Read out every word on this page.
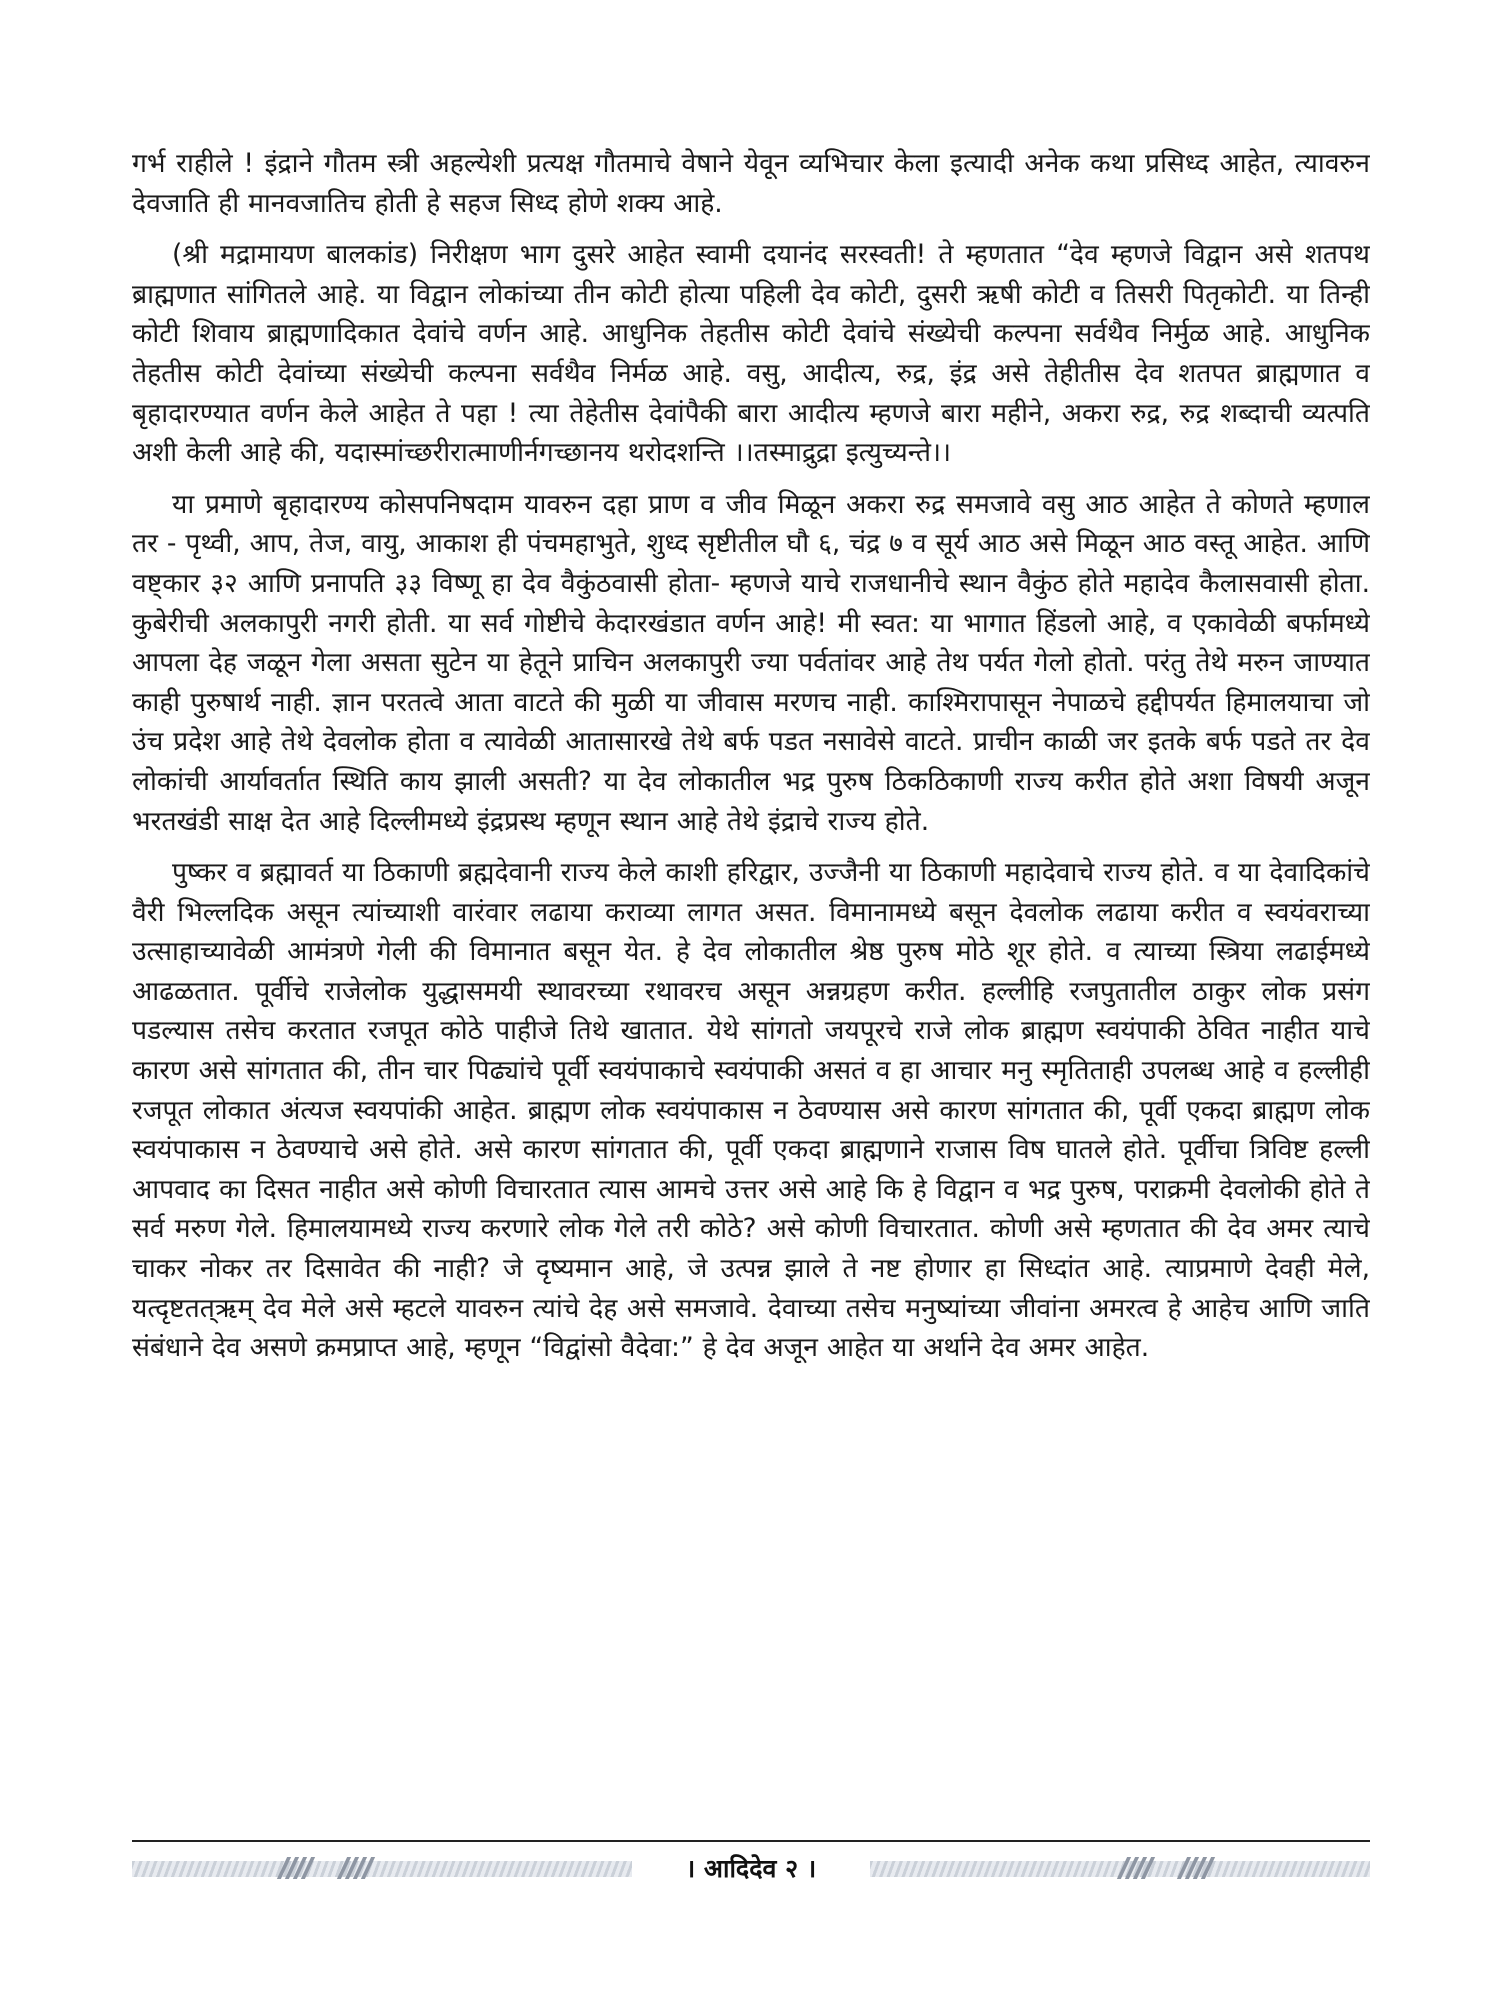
गर्भ राहीले ! इंद्राने गौतम स्त्री अहल्येशी प्रत्यक्ष गौतमाचे वेषाने येवून व्यभिचार केला इत्यादी अनेक कथा प्रसिध्द आहेत, त्यावरुन देवजाति ही मानवजातिच होती हे सहज सिध्द होणे शक्य आहे.

(श्री मद्रामायण बालकांड) निरीक्षण भाग दुसरे आहेत स्वामी दयानंद सरस्वती! ते म्हणतात “देव म्हणजे विद्वान असे शतपथ ब्राह्मणात सांगितले आहे. या विद्वान लोकांच्या तीन कोटी होत्या पहिली देव कोटी, दुसरी ऋषी कोटी व तिसरी पितृकोटी. या तिन्ही कोटी शिवाय ब्राह्मणादिकात देवांचे वर्णन आहे. आधुनिक तेहतीस कोटी देवांचे संख्येची कल्पना सर्वथैव निर्मुळ आहे. आधुनिक तेहतीस कोटी देवांच्या संख्येची कल्पना सर्वथैव निर्मळ आहे. वसु, आदीत्य, रुद्र, इंद्र असे तेहीतीस देव शतपत ब्राह्मणात व बृहादारण्यात वर्णन केले आहेत ते पहा ! त्या तेहेतीस देवांपैकी बारा आदीत्य म्हणजे बारा महीने, अकरा रुद्र, रुद्र शब्दाची व्यत्पति अशी केली आहे की, यदास्मांच्छरीरात्माणीर्नगच्छानय थरोदशन्ति ।।तस्माद्रुद्रा इत्युच्यन्ते।।

या प्रमाणे बृहादारण्य कोसपनिषदाम यावरुन दहा प्राण व जीव मिळून अकरा रुद्र समजावे वसु आठ आहेत ते कोणते म्हणाल तर - पृथ्वी, आप, तेज, वायु, आकाश ही पंचमहाभुते, शुध्द सृष्टीतील घौ ६, चंद्र ७ व सूर्य आठ असे मिळून आठ वस्तू आहेत. आणि वष्ट्कार ३२ आणि प्रनापति ३३ विष्णू हा देव वैकुंठवासी होता- म्हणजे याचे राजधानीचे स्थान वैकुंठ होते महादेव कैलासवासी होता. कुबेरीची अलकापुरी नगरी होती. या सर्व गोष्टीचे केदारखंडात वर्णन आहे! मी स्वत: या भागात हिंडलो आहे, व एकावेळी बर्फामध्ये आपला देह जळून गेला असता सुटेन या हेतूने प्राचिन अलकापुरी ज्या पर्वतांवर आहे तेथ पर्यत गेलो होतो. परंतु तेथे मरुन जाण्यात काही पुरुषार्थ नाही. ज्ञान परतत्वे आता वाटते की मुळी या जीवास मरणच नाही. काश्मिरापासून नेपाळचे हद्दीपर्यत हिमालयाचा जो उंच प्रदेश आहे तेथे देवलोक होता व त्यावेळी आतासारखे तेथे बर्फ पडत नसावेसे वाटते. प्राचीन काळी जर इतके बर्फ पडते तर देव लोकांची आर्यावर्तात स्थिति काय झाली असती? या देव लोकातील भद्र पुरुष ठिकठिकाणी राज्य करीत होते अशा विषयी अजून भरतखंडी साक्ष देत आहे दिल्लीमध्ये इंद्रप्रस्थ म्हणून स्थान आहे तेथे इंद्राचे राज्य होते.

पुष्कर व ब्रह्मावर्त या ठिकाणी ब्रह्मदेवानी राज्य केले काशी हरिद्वार, उज्जैनी या ठिकाणी महादेवाचे राज्य होते. व या देवादिकांचे वैरी भिल्लदिक असून त्यांच्याशी वारंवार लढाया कराव्या लागत असत. विमानामध्ये बसून देवलोक लढाया करीत व स्वयंवराच्या उत्साहाच्यावेळी आमंत्रणे गेली की विमानात बसून येत. हे देव लोकातील श्रेष्ठ पुरुष मोठे शूर होते. व त्याच्या स्त्रिया लढाईमध्ये आढळतात. पूर्वीचे राजेलोक युद्धासमयी स्थावरच्या रथावरच असून अन्नग्रहण करीत. हल्लीहि रजपुतातील ठाकुर लोक प्रसंग पडल्यास तसेच करतात रजपूत कोठे पाहीजे तिथे खातात. येथे सांगतो जयपूरचे राजे लोक ब्राह्मण स्वयंपाकी ठेवित नाहीत याचे कारण असे सांगतात की, तीन चार पिढ्यांचे पूर्वी स्वयंपाकाचे स्वयंपाकी असतं व हा आचार मनु स्मृतिताही उपलब्ध आहे व हल्लीही रजपूत लोकात अंत्यज स्वयपांकी आहेत. ब्राह्मण लोक स्वयंपाकास न ठेवण्यास असे कारण सांगतात की, पूर्वी एकदा ब्राह्मण लोक स्वयंपाकास न ठेवण्याचे असे होते. असे कारण सांगतात की, पूर्वी एकदा ब्राह्मणाने राजास विष घातले होते. पूर्वीचा त्रिविष्ट हल्ली आपवाद का दिसत नाहीत असे कोणी विचारतात त्यास आमचे उत्तर असे आहे कि हे विद्वान व भद्र पुरुष, पराक्रमी देवलोकी होते ते सर्व मरुण गेले. हिमालयामध्ये राज्य करणारे लोक गेले तरी कोठे? असे कोणी विचारतात. कोणी असे म्हणतात की देव अमर त्याचे चाकर नोकर तर दिसावेत की नाही? जे दृष्यमान आहे, जे उत्पन्न झाले ते नष्ट होणार हा सिध्दांत आहे. त्याप्रमाणे देवही मेले, यत्दृष्टतत्ऋम् देव मेले असे म्हटले यावरुन त्यांचे देह असे समजावे. देवाच्या तसेच मनुष्यांच्या जीवांना अमरत्व हे आहेच आणि जाति संबंधाने देव असणे क्रमप्राप्त आहे, म्हणून “विद्वांसो वैदेवा:” हे देव अजून आहेत या अर्थाने देव अमर आहेत.

। आदिदेव २ ।
